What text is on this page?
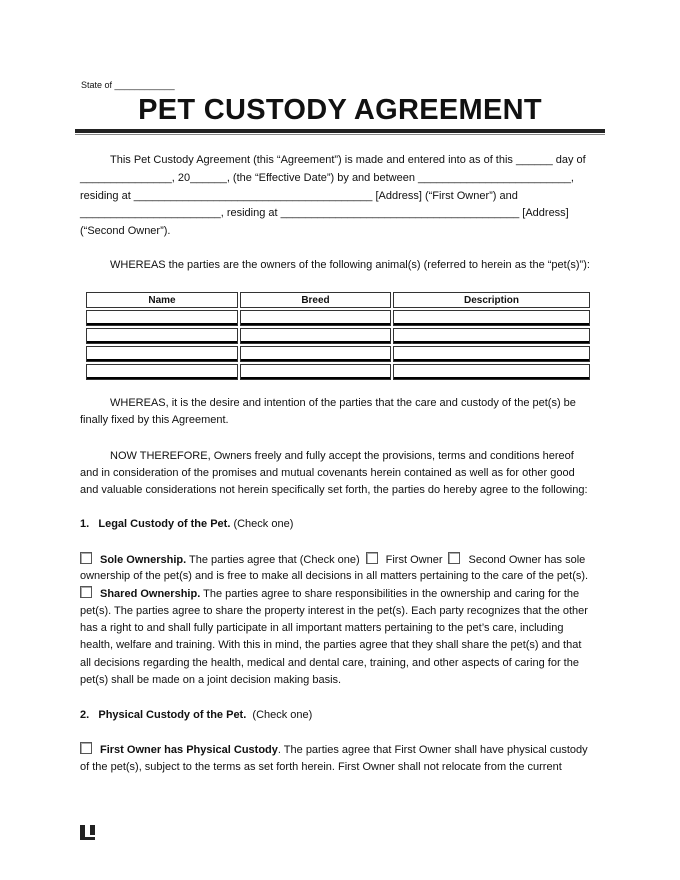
State of ____________
PET CUSTODY AGREEMENT
This Pet Custody Agreement (this “Agreement”) is made and entered into as of this ______ day of
_______________, 20______, (the “Effective Date”) by and between _________________________,
residing at _______________________________________ [Address] (“First Owner”) and
_______________________, residing at _______________________________________ [Address]
(“Second Owner”).
WHEREAS the parties are the owners of the following animal(s) (referred to herein as the “pet(s)”):
Name	Breed	Description

WHEREAS, it is the desire and intention of the parties that the care and custody of the pet(s) be
finally fixed by this Agreement.
NOW THEREFORE, Owners freely and fully accept the provisions, terms and conditions hereof
and in consideration of the promises and mutual covenants herein contained as well as for other good
and valuable considerations not herein specifically set forth, the parties do hereby agree to the following:
1. Legal Custody of the Pet. (Check one)
Sole Ownership. The parties agree that (Check one) First Owner Second Owner has sole
ownership of the pet(s) and is free to make all decisions in all matters pertaining to the care of the pet(s).
Shared Ownership. The parties agree to share responsibilities in the ownership and caring for the
pet(s). The parties agree to share the property interest in the pet(s). Each party recognizes that the other
has a right to and shall fully participate in all important matters pertaining to the pet’s care, including
health, welfare and training. With this in mind, the parties agree that they shall share the pet(s) and that
all decisions regarding the health, medical and dental care, training, and other aspects of caring for the
pet(s) shall be made on a joint decision making basis.
2. Physical Custody of the Pet. (Check one)
First Owner has Physical Custody. The parties agree that First Owner shall have physical custody
of the pet(s), subject to the terms as set forth herein. First Owner shall not relocate from the current
